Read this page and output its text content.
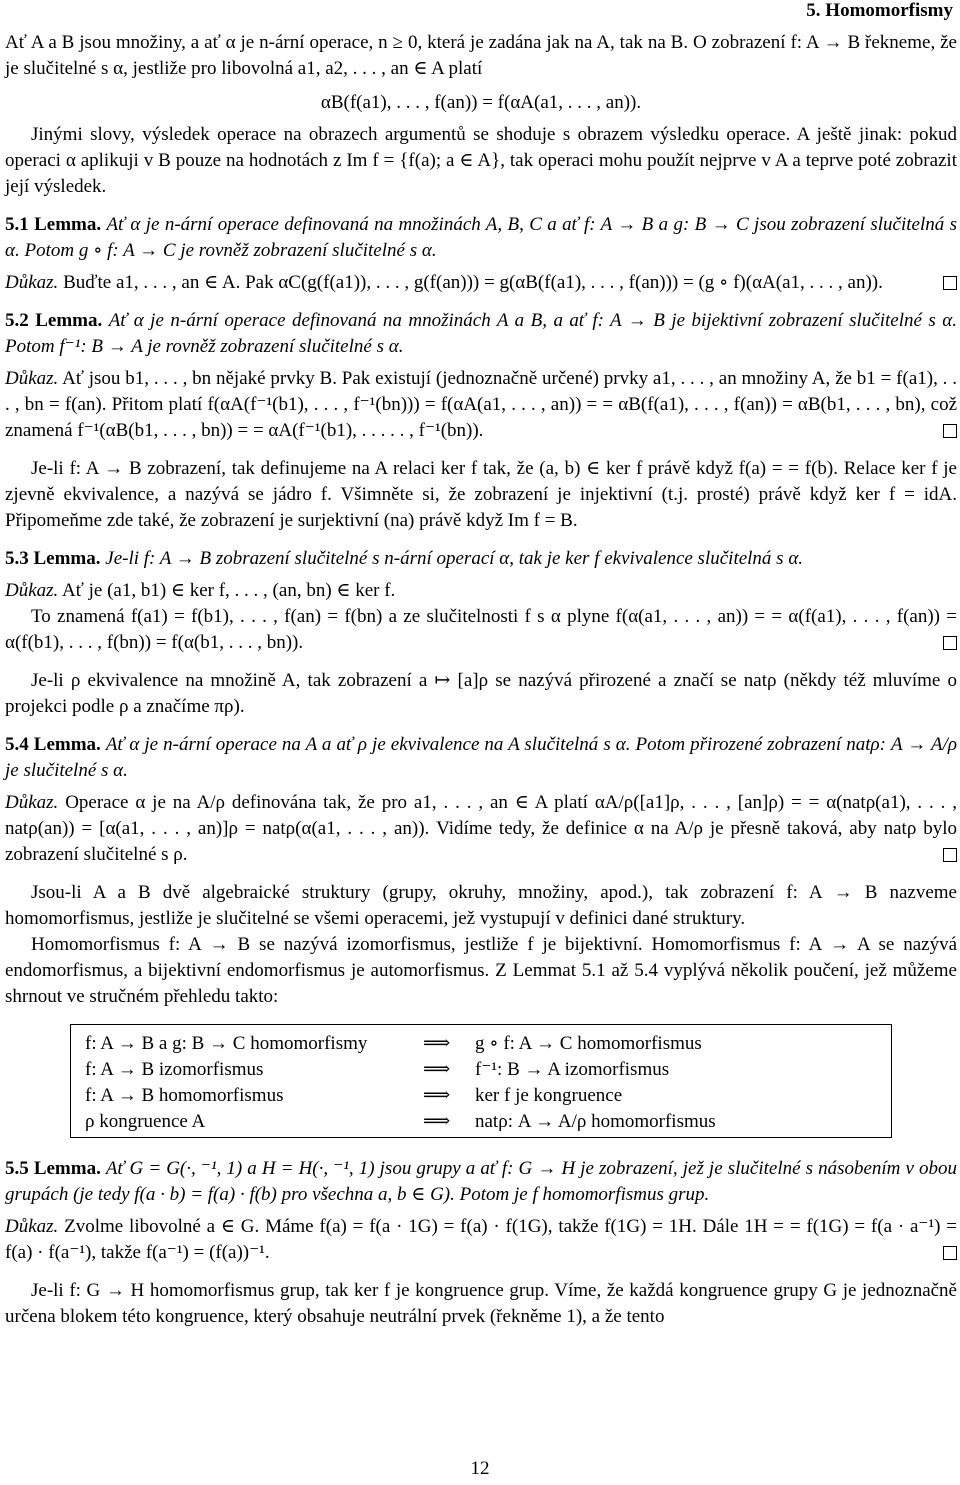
5. Homomorfismy

Ať A a B jsou množiny, a ať α je n-ární operace, n ≥ 0, která je zadána jak na A, tak na B. O zobrazení f: A → B řekneme, že je slučitelné s α, jestliže pro libovolná a1, a2, . . . , an ∈ A platí

αB(f(a1), . . . , f(an)) = f(αA(a1, . . . , an)).

Jinými slovy, výsledek operace na obrazech argumentů se shoduje s obrazem výsledku operace. A ještě jinak: pokud operaci α aplikuji v B pouze na hodnotách z Im f = {f(a); a ∈ A}, tak operaci mohu použít nejprve v A a teprve poté zobrazit její výsledek.

5.1 Lemma. Ať α je n-ární operace definovaná na množinách A, B, C a ať f: A → B a g: B → C jsou zobrazení slučitelná s α. Potom g ∘ f: A → C je rovněž zobrazení slučitelné s α.

Důkaz. Buďte a1, . . . , an ∈ A. Pak αC(g(f(a1)), . . . , g(f(an))) = g(αB(f(a1), . . . , f(an))) = (g ∘ f)(αA(a1, . . . , an)).

5.2 Lemma. Ať α je n-ární operace definovaná na množinách A a B, a ať f: A → B je bijektivní zobrazení slučitelné s α. Potom f⁻¹: B → A je rovněž zobrazení slučitelné s α.

Důkaz. Ať jsou b1, . . . , bn nějaké prvky B. Pak existují (jednoznačně určené) prvky a1, . . . , an množiny A, že b1 = f(a1), . . . , bn = f(an). Přitom platí f(αA(f⁻¹(b1), . . . , f⁻¹(bn))) = f(αA(a1, . . . , an)) = = αB(f(a1), . . . , f(an)) = αB(b1, . . . , bn), což znamená f⁻¹(αB(b1, . . . , bn)) = = αA(f⁻¹(b1), . . . . . , f⁻¹(bn)).

Je-li f: A → B zobrazení, tak definujeme na A relaci ker f tak, že (a, b) ∈ ker f právě když f(a) = = f(b). Relace ker f je zjevně ekvivalence, a nazývá se jádro f. Všimněte si, že zobrazení je injektivní (t.j. prosté) právě když ker f = idA. Připomeňme zde také, že zobrazení je surjektivní (na) právě když Im f = B.

5.3 Lemma. Je-li f: A → B zobrazení slučitelné s n-ární operací α, tak je ker f ekvivalence slučitelná s α.

Důkaz. Ať je (a1, b1) ∈ ker f, . . . , (an, bn) ∈ ker f.

To znamená f(a1) = f(b1), . . . , f(an) = f(bn) a ze slučitelnosti f s α plyne f(α(a1, . . . , an)) = = α(f(a1), . . . , f(an)) = α(f(b1), . . . , f(bn)) = f(α(b1, . . . , bn)).

Je-li ρ ekvivalence na množině A, tak zobrazení a ↦ [a]ρ se nazývá přirozené a značí se natρ (někdy též mluvíme o projekci podle ρ a značíme πρ).

5.4 Lemma. Ať α je n-ární operace na A a ať ρ je ekvivalence na A slučitelná s α. Potom přirozené zobrazení natρ: A → A/ρ je slučitelné s α.

Důkaz. Operace α je na A/ρ definována tak, že pro a1, . . . , an ∈ A platí αA/ρ([a1]ρ, . . . , [an]ρ) = = α(natρ(a1), . . . , natρ(an)) = [α(a1, . . . , an)]ρ = natρ(α(a1, . . . , an)). Vidíme tedy, že definice α na A/ρ je přesně taková, aby natρ bylo zobrazení slučitelné s ρ.

Jsou-li A a B dvě algebraické struktury (grupy, okruhy, množiny, apod.), tak zobrazení f: A → B nazveme homomorfismus, jestliže je slučitelné se všemi operacemi, jež vystupují v definici dané struktury.

Homomorfismus f: A → B se nazývá izomorfismus, jestliže f je bijektivní. Homomorfismus f: A → A se nazývá endomorfismus, a bijektivní endomorfismus je automorfismus. Z Lemmat 5.1 až 5.4 vyplývá několik poučení, jež můžeme shrnout ve stručném přehledu takto:

f: A → B a g: B → C homomorfismy	⟹	g ∘ f: A → C homomorfismus
f: A → B izomorfismus	⟹	f⁻¹: B → A izomorfismus
f: A → B homomorfismus	⟹	ker f je kongruence
ρ kongruence A	⟹	natρ: A → A/ρ homomorfismus

5.5 Lemma. Ať G = G(·, ⁻¹, 1) a H = H(·, ⁻¹, 1) jsou grupy a ať f: G → H je zobrazení, jež je slučitelné s násobením v obou grupách (je tedy f(a · b) = f(a) · f(b) pro všechna a, b ∈ G). Potom je f homomorfismus grup.

Důkaz. Zvolme libovolné a ∈ G. Máme f(a) = f(a · 1G) = f(a) · f(1G), takže f(1G) = 1H. Dále 1H = = f(1G) = f(a · a⁻¹) = f(a) · f(a⁻¹), takže f(a⁻¹) = (f(a))⁻¹.

Je-li f: G → H homomorfismus grup, tak ker f je kongruence grup. Víme, že každá kongruence grupy G je jednoznačně určena blokem této kongruence, který obsahuje neutrální prvek (řekněme 1), a že tento

12
